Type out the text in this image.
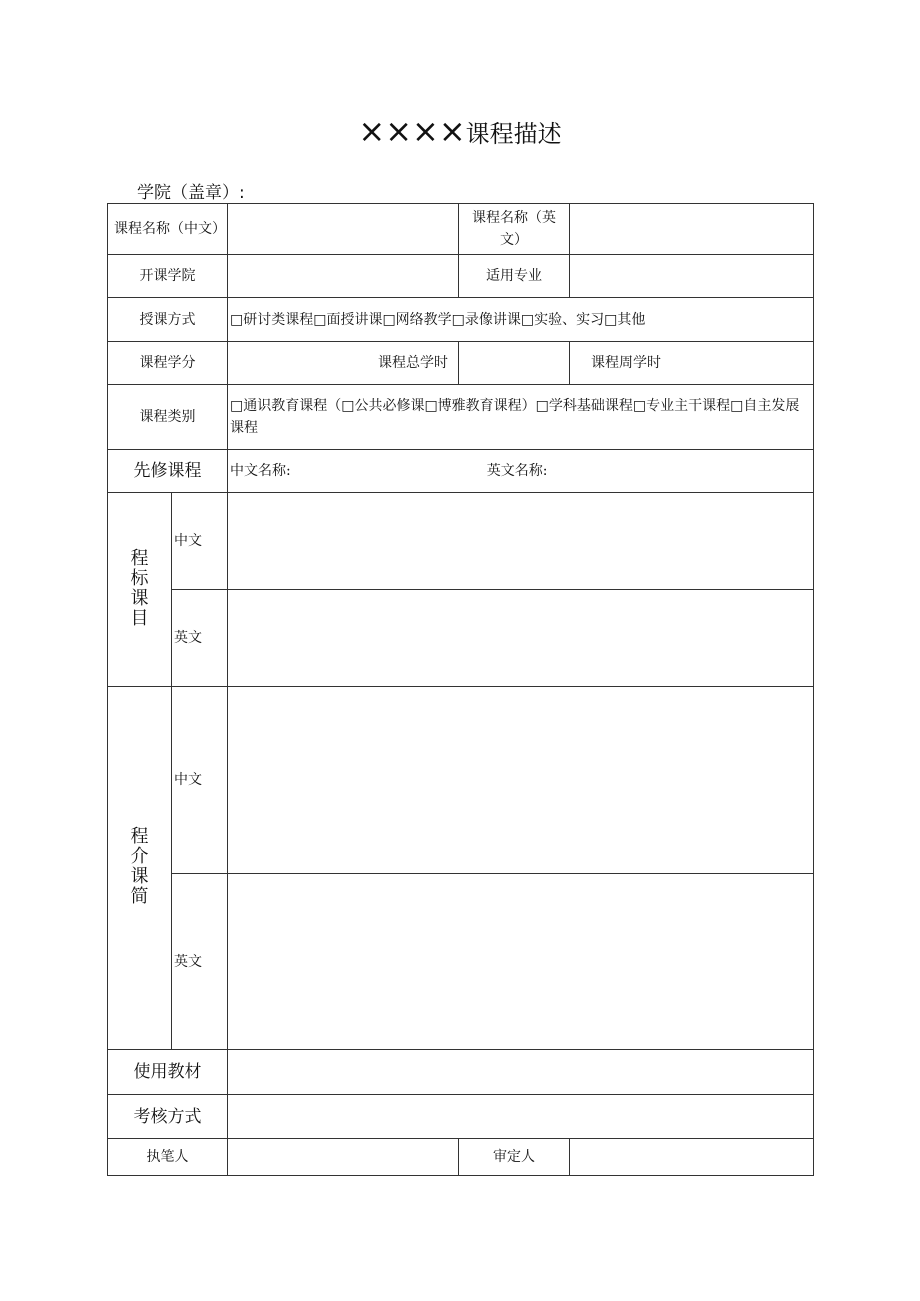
××××课程描述
学院（盖章）:
课程名称（中文）			课程名称（英文）	
开课学院			适用专业	
授课方式		□研讨类课程□面授讲课□网络教学□录像讲课□实验、实习□其他		
课程学分		课程总学时		课程周学时
课程类别		□通识教育课程（□公共必修课□博雅教育课程）□学科基础课程□专业主干课程□自主发展课程		
先修课程		中文名称: 英文名称:		
程标课目	中文			
	英文			
程介课简	中文			
	英文			
使用教材				
考核方式				
执笔人			审定人	
